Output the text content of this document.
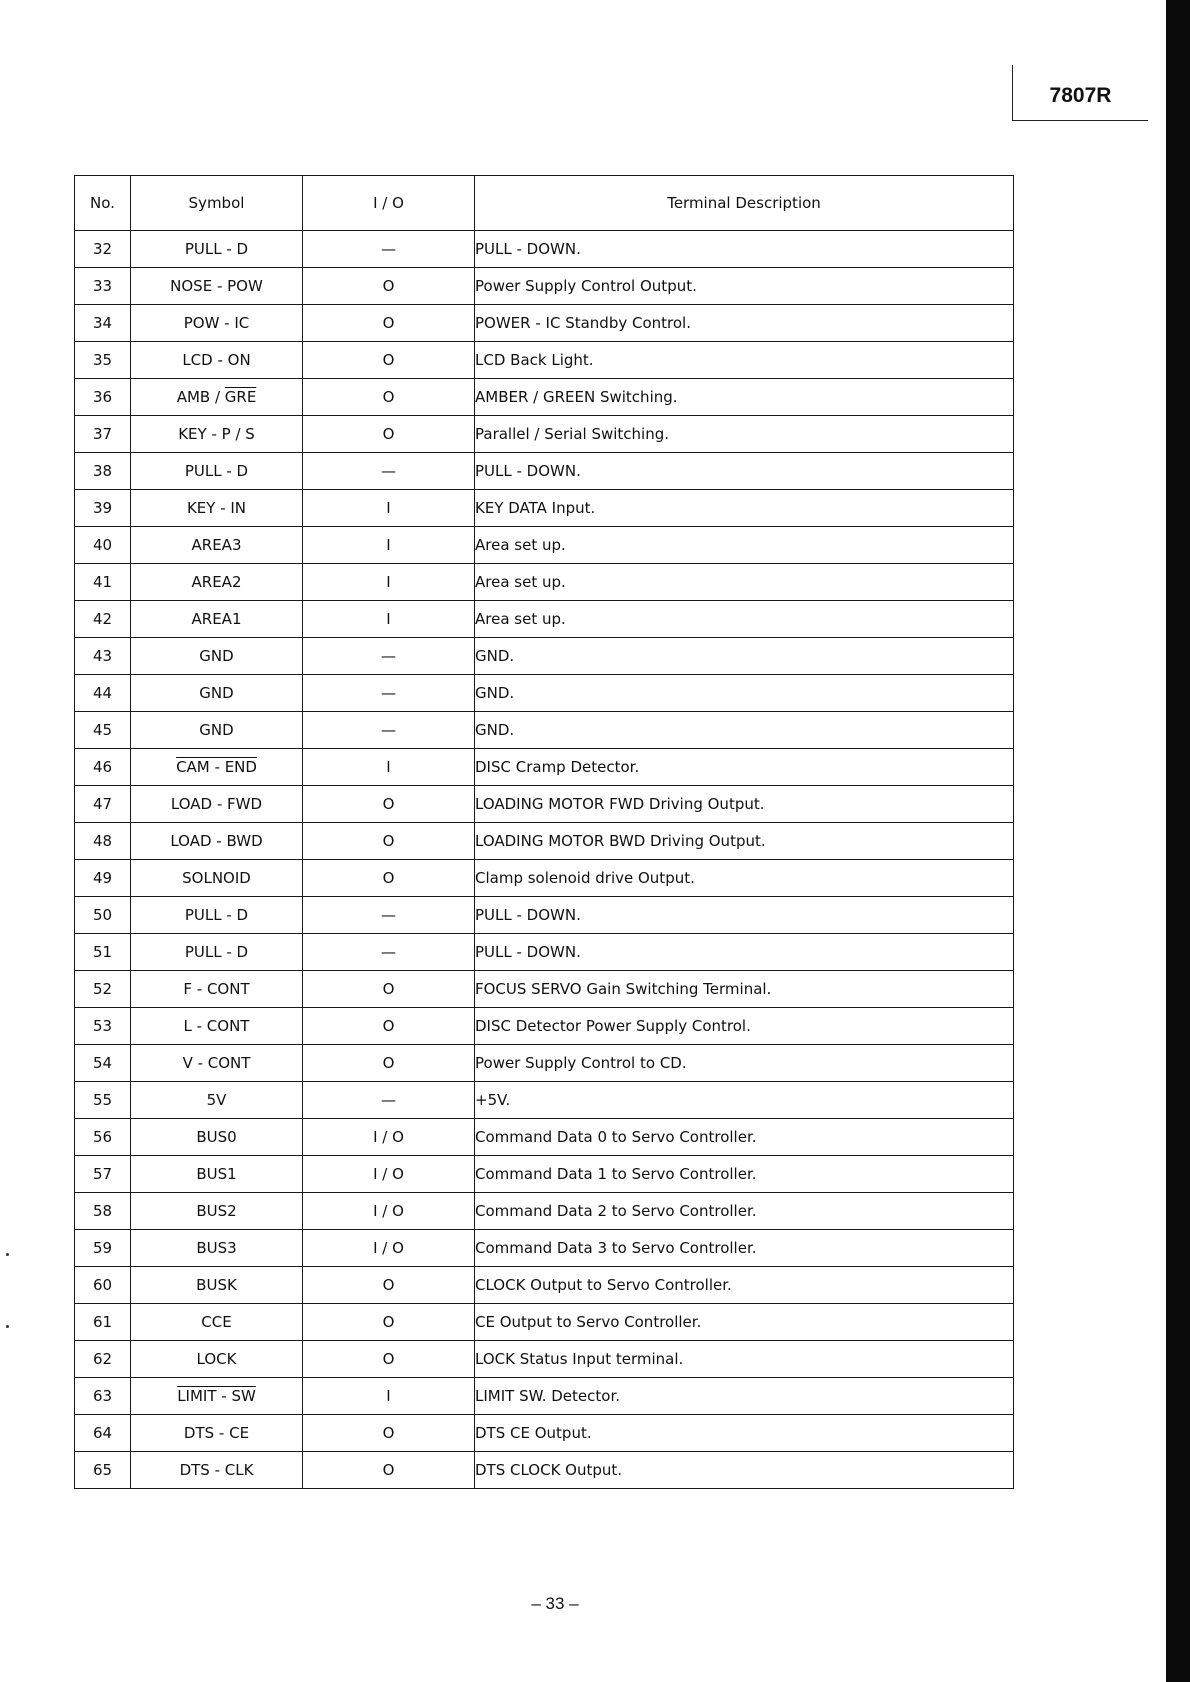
7807R
No.	Symbol	I / O	Terminal Description
32	PULL - D	—	PULL - DOWN.
33	NOSE - POW	O	Power Supply Control Output.
34	POW - IC	O	POWER - IC Standby Control.
35	LCD - ON	O	LCD Back Light.
36	AMB / $\overline{GRE}$	O	AMBER / GREEN Switching.
37	KEY - P / S	O	Parallel / Serial Switching.
38	PULL - D	—	PULL - DOWN.
39	KEY - IN	I	KEY DATA Input.
40	AREA3	I	Area set up.
41	AREA2	I	Area set up.
42	AREA1	I	Area set up.
43	GND	—	GND.
44	GND	—	GND.
45	GND	—	GND.
46	CAM - END	I	DISC Cramp Detector.
47	LOAD - FWD	O	LOADING MOTOR FWD Driving Output.
48	LOAD - BWD	O	LOADING MOTOR BWD Driving Output.
49	SOLNOID	O	Clamp solenoid drive Output.
50	PULL - D	—	PULL - DOWN.
51	PULL - D	—	PULL - DOWN.
52	F - CONT	O	FOCUS SERVO Gain Switching Terminal.
53	L - CONT	O	DISC Detector Power Supply Control.
54	V - CONT	O	Power Supply Control to CD.
55	5V	—	+5V.
56	BUS0	I / O	Command Data 0 to Servo Controller.
57	BUS1	I / O	Command Data 1 to Servo Controller.
58	BUS2	I / O	Command Data 2 to Servo Controller.
59	BUS3	I / O	Command Data 3 to Servo Controller.
60	BUSK	O	CLOCK Output to Servo Controller.
61	CCE	O	CE Output to Servo Controller.
62	LOCK	O	LOCK Status Input terminal.
63	LIMIT - SW	I	LIMIT SW. Detector.
64	DTS - CE	O	DTS CE Output.
65	DTS - CLK	O	DTS CLOCK Output.
– 33 –
